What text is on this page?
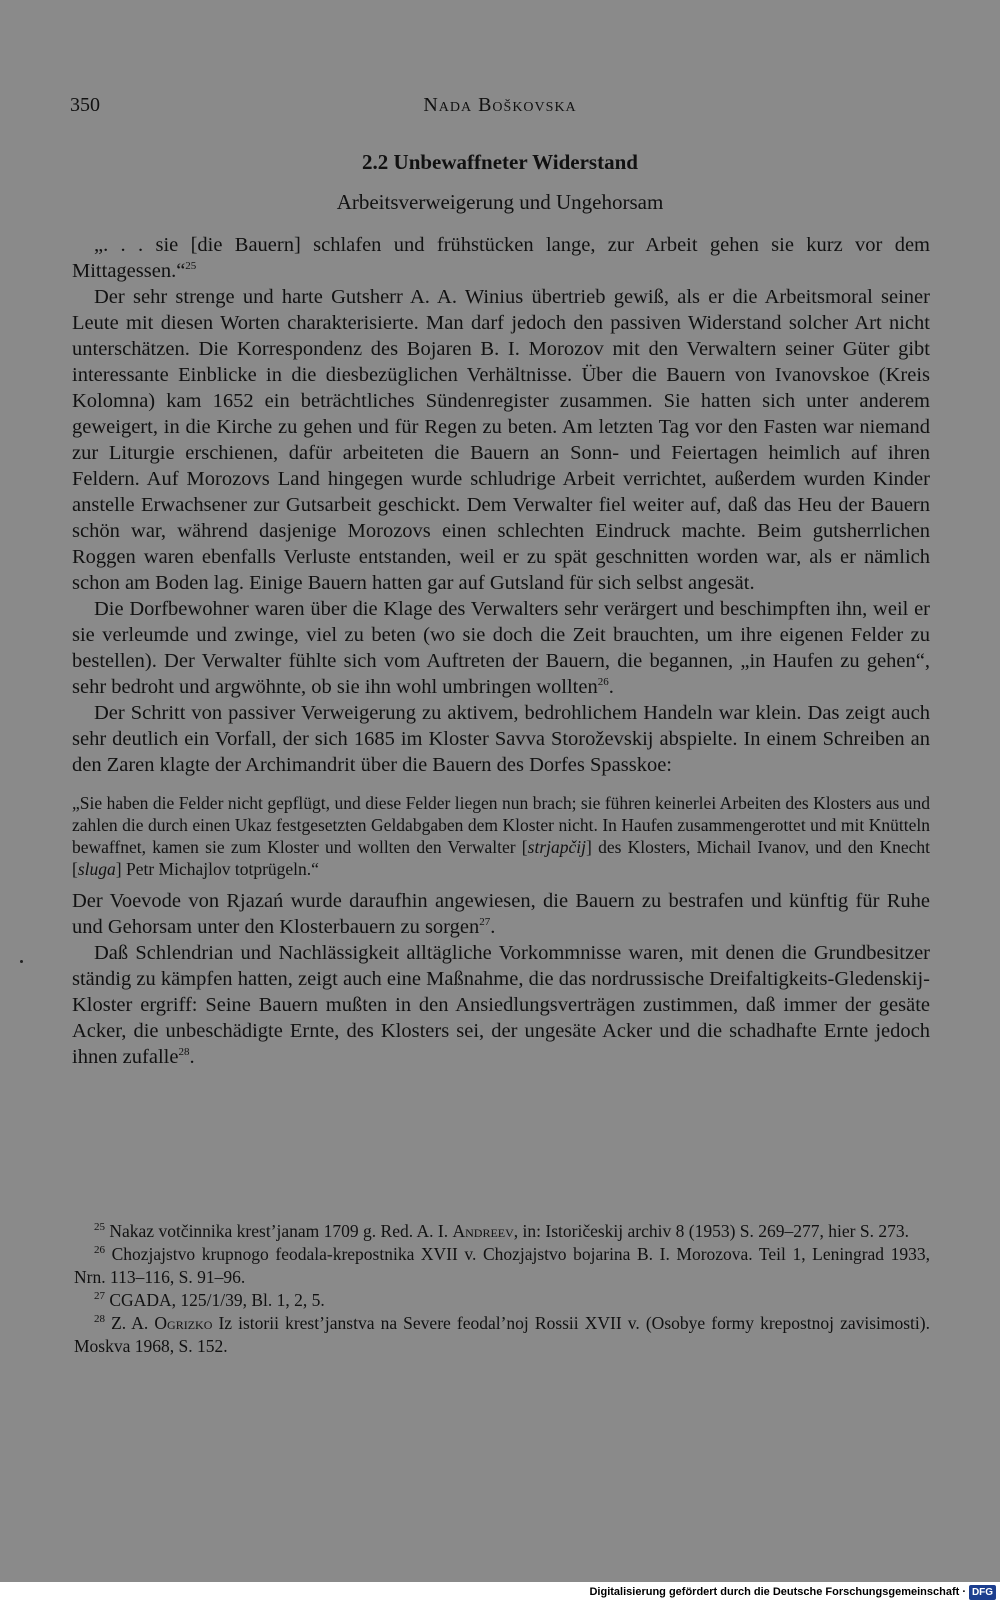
350	Nada Boškovska
2.2 Unbewaffneter Widerstand
Arbeitsverweigerung und Ungehorsam

„. . . sie [die Bauern] schlafen und frühstücken lange, zur Arbeit gehen sie kurz vor dem Mittagessen.“$^{25}$

Der sehr strenge und harte Gutsherr A. A. Winius übertrieb gewiß, als er die Arbeitsmoral seiner Leute mit diesen Worten charakterisierte. Man darf jedoch den passiven Widerstand solcher Art nicht unterschätzen. Die Korrespondenz des Bojaren B. I. Morozov mit den Verwaltern seiner Güter gibt interessante Einblicke in die diesbezüglichen Verhältnisse. Über die Bauern von Ivanovskoe (Kreis Kolomna) kam 1652 ein beträchtliches Sündenregister zusammen. Sie hatten sich unter anderem geweigert, in die Kirche zu gehen und für Regen zu beten. Am letzten Tag vor den Fasten war niemand zur Liturgie erschienen, dafür arbeiteten die Bauern an Sonn- und Feiertagen heimlich auf ihren Feldern. Auf Morozovs Land hingegen wurde schludrige Arbeit verrichtet, außerdem wurden Kinder anstelle Erwachsener zur Gutsarbeit geschickt. Dem Verwalter fiel weiter auf, daß das Heu der Bauern schön war, während dasjenige Morozovs einen schlechten Eindruck machte. Beim gutsherrlichen Roggen waren ebenfalls Verluste entstanden, weil er zu spät geschnitten worden war, als er nämlich schon am Boden lag. Einige Bauern hatten gar auf Gutsland für sich selbst angesät.

Die Dorfbewohner waren über die Klage des Verwalters sehr verärgert und beschimpften ihn, weil er sie verleumde und zwinge, viel zu beten (wo sie doch die Zeit brauchten, um ihre eigenen Felder zu bestellen). Der Verwalter fühlte sich vom Auftreten der Bauern, die begannen, „in Haufen zu gehen“, sehr bedroht und argwöhnte, ob sie ihn wohl umbringen wollten$^{26}$.

Der Schritt von passiver Verweigerung zu aktivem, bedrohlichem Handeln war klein. Das zeigt auch sehr deutlich ein Vorfall, der sich 1685 im Kloster Savva Storoževskij abspielte. In einem Schreiben an den Zaren klagte der Archimandrit über die Bauern des Dorfes Spasskoe:

„Sie haben die Felder nicht gepflügt, und diese Felder liegen nun brach; sie führen keinerlei Arbeiten des Klosters aus und zahlen die durch einen Ukaz festgesetzten Geldabgaben dem Kloster nicht. In Haufen zusammengerottet und mit Knütteln bewaffnet, kamen sie zum Kloster und wollten den Verwalter [strjapčij] des Klosters, Michail Ivanov, und den Knecht [sluga] Petr Michajlov totprügeln.“

Der Voevode von Rjazań wurde daraufhin angewiesen, die Bauern zu bestrafen und künftig für Ruhe und Gehorsam unter den Klosterbauern zu sorgen$^{27}$.

Daß Schlendrian und Nachlässigkeit alltägliche Vorkommnisse waren, mit denen die Grundbesitzer ständig zu kämpfen hatten, zeigt auch eine Maßnahme, die das nordrussische Dreifaltigkeits-Gledenskij-Kloster ergriff: Seine Bauern mußten in den Ansiedlungsverträgen zustimmen, daß immer der gesäte Acker, die unbeschädigte Ernte, des Klosters sei, der ungesäte Acker und die schadhafte Ernte jedoch ihnen zufalle$^{28}$.

$^{25}$ Nakaz votčinnika krest’janam 1709 g. Red. A. I. Andreev, in: Istoričeskij archiv 8 (1953) S. 269–277, hier S. 273.

$^{26}$ Chozjajstvo krupnogo feodala-krepostnika XVII v. Chozjajstvo bojarina B. I. Morozova. Teil 1, Leningrad 1933, Nrn. 113–116, S. 91–96.

$^{27}$ CGADA, 125/1/39, Bl. 1, 2, 5.

$^{28}$ Z. A. Ogrizko Iz istorii krest’janstva na Severe feodal’noj Rossii XVII v. (Osobye formy krepostnoj zavisimosti). Moskva 1968, S. 152.

Digitalisierung gefördert durch die Deutsche Forschungsgemeinschaft · DFG
